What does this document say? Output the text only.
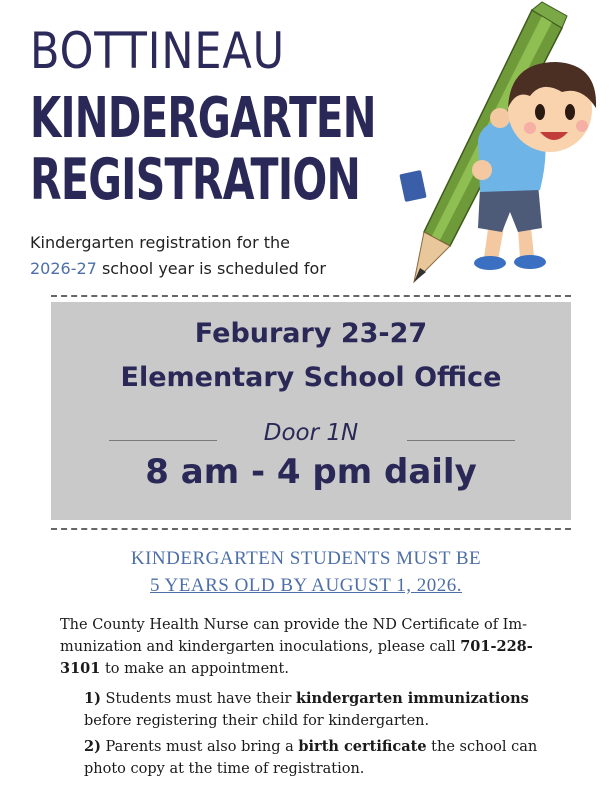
BOTTINEAU
KINDERGARTEN
REGISTRATION
Kindergarten registration for the
2026-27 school year is scheduled for
Feburary 23-27
Elementary School Office
Door 1N
8 am - 4 pm daily
KINDERGARTEN STUDENTS MUST BE
5 YEARS OLD BY AUGUST 1, 2026.
The County Health Nurse can provide the ND Certificate of Im-
munization and kindergarten inoculations, please call 701-228-
3101 to make an appointment.
1) Students must have their kindergarten immunizations
before registering their child for kindergarten.
2) Parents must also bring a birth certificate the school can
photo copy at the time of registration.
